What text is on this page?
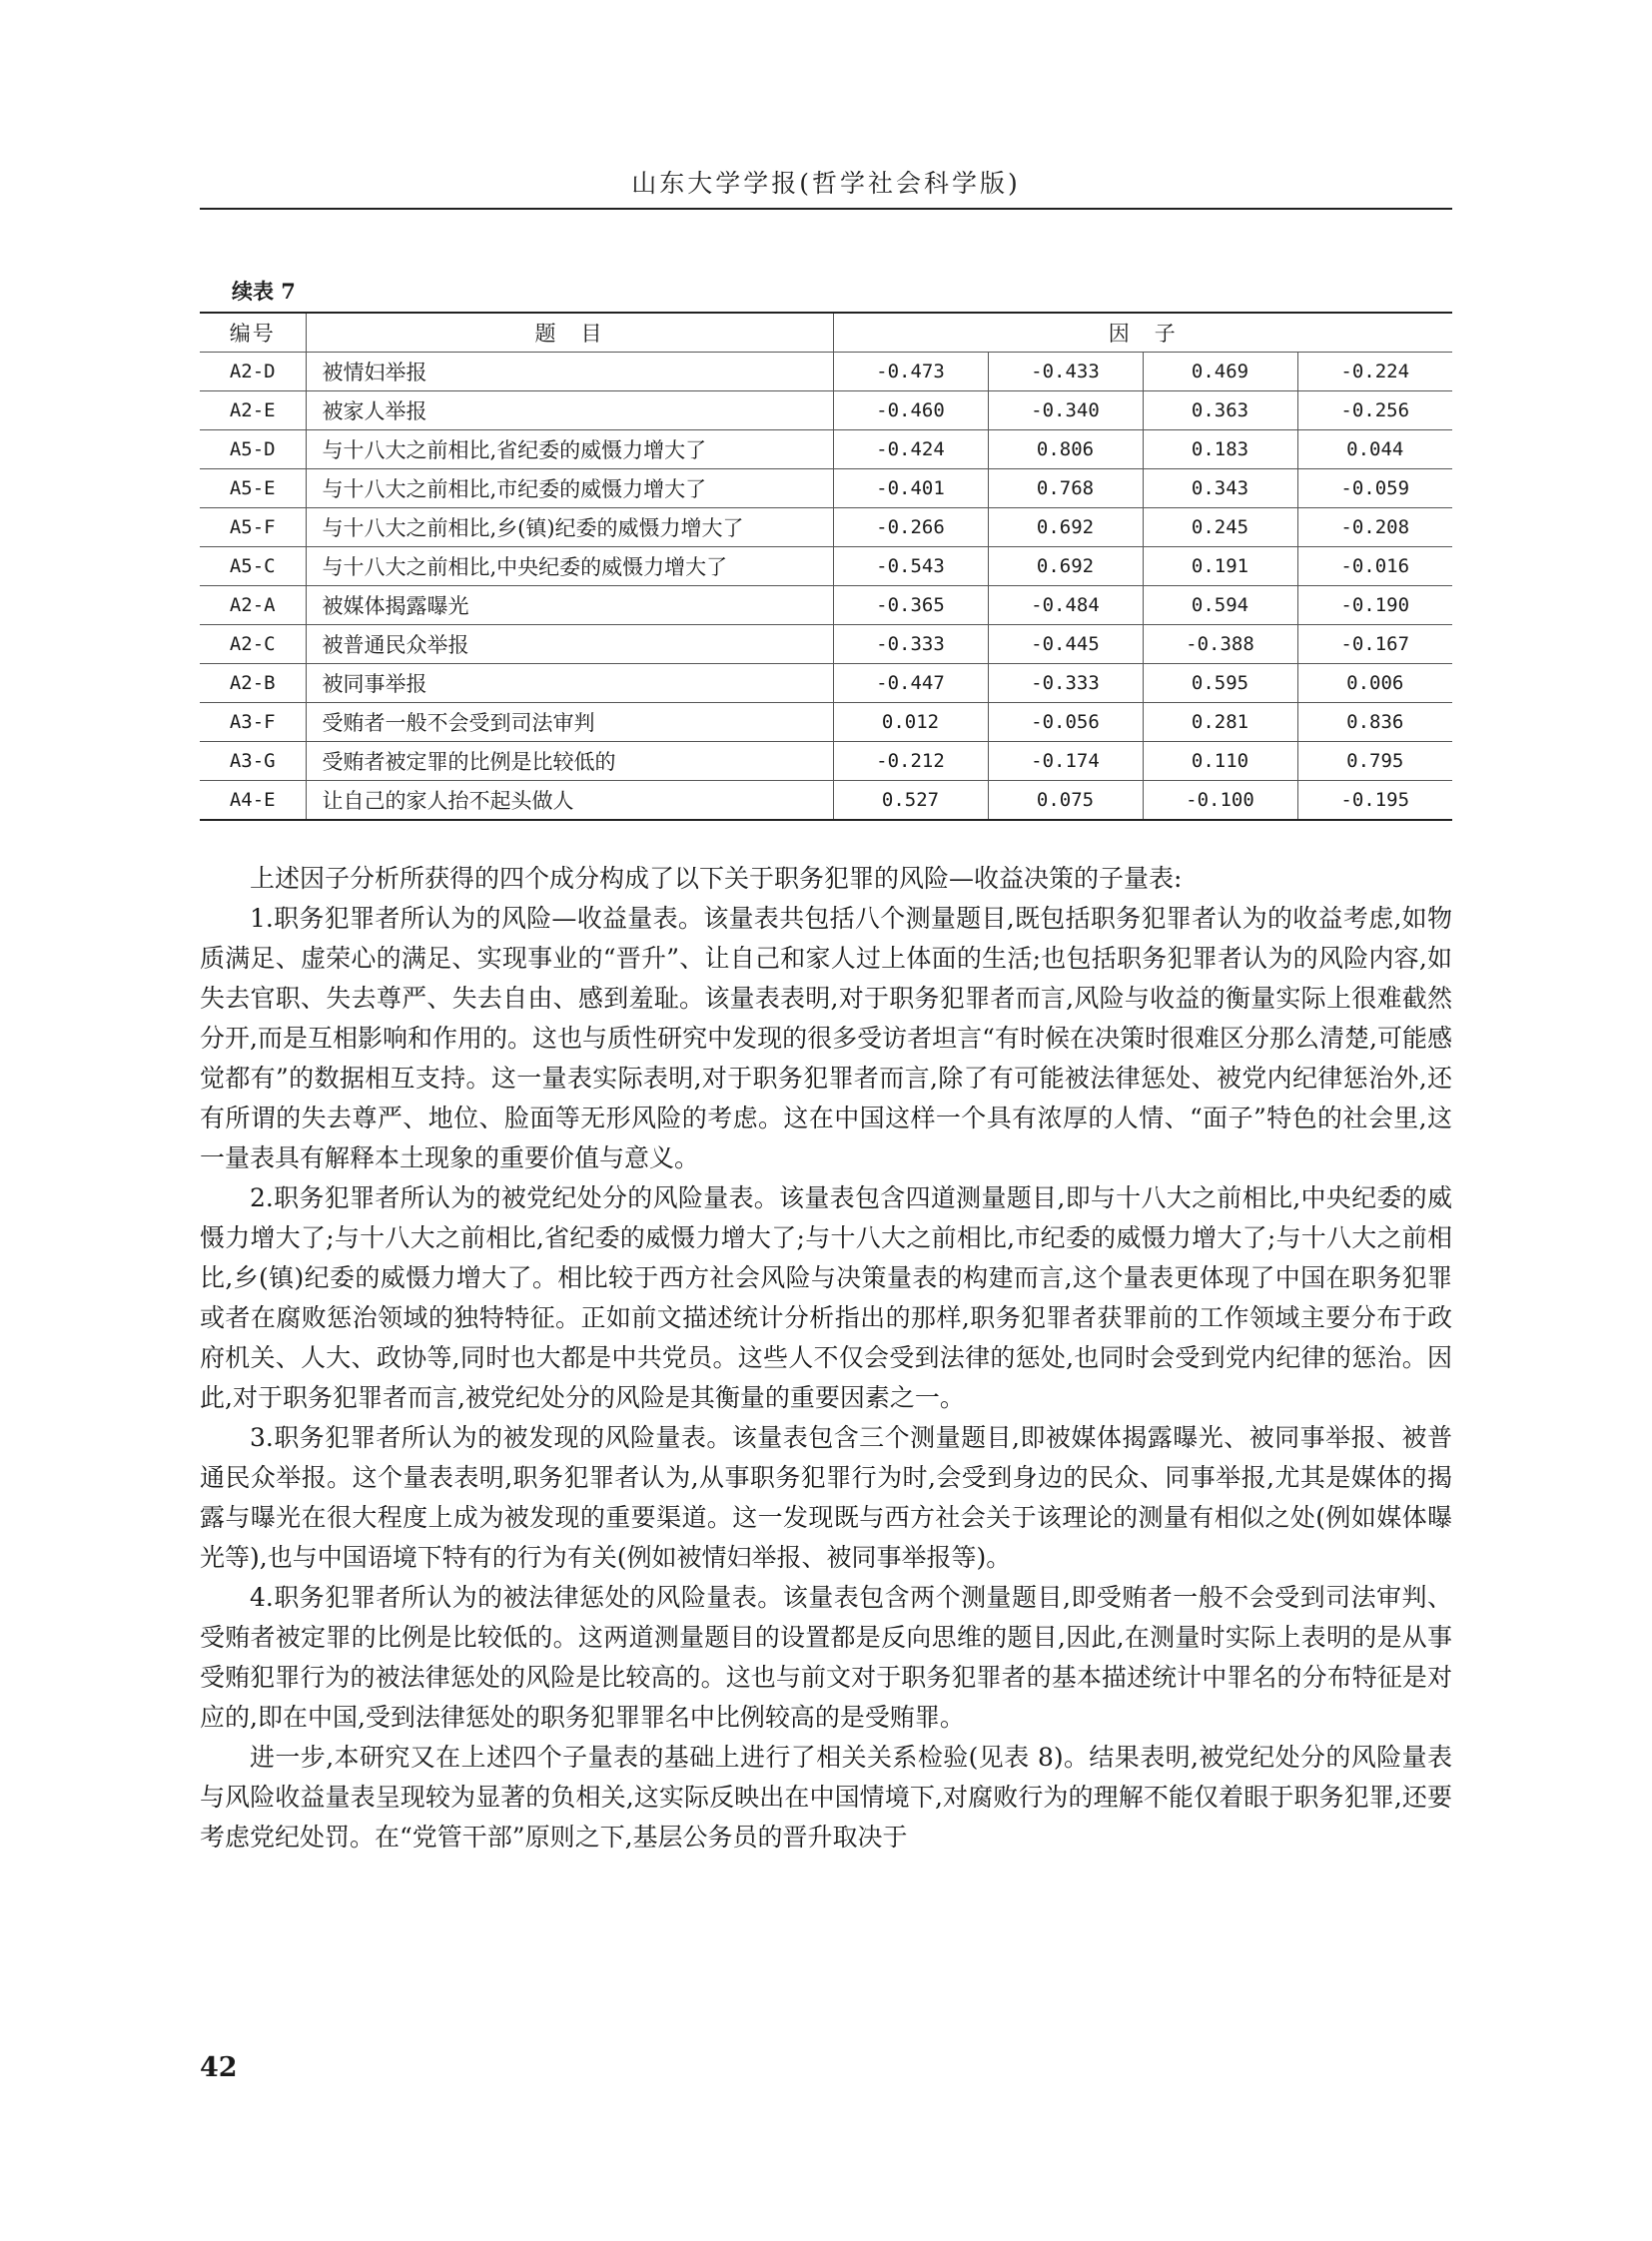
山东大学学报(哲学社会科学版)
续表 7
编号	题　目	因　子			
A2-D	被情妇举报	-0.473	-0.433	0.469	-0.224
A2-E	被家人举报	-0.460	-0.340	0.363	-0.256
A5-D	与十八大之前相比,省纪委的威慑力增大了	-0.424	0.806	0.183	0.044
A5-E	与十八大之前相比,市纪委的威慑力增大了	-0.401	0.768	0.343	-0.059
A5-F	与十八大之前相比,乡(镇)纪委的威慑力增大了	-0.266	0.692	0.245	-0.208
A5-C	与十八大之前相比,中央纪委的威慑力增大了	-0.543	0.692	0.191	-0.016
A2-A	被媒体揭露曝光	-0.365	-0.484	0.594	-0.190
A2-C	被普通民众举报	-0.333	-0.445	-0.388	-0.167
A2-B	被同事举报	-0.447	-0.333	0.595	0.006
A3-F	受贿者一般不会受到司法审判	0.012	-0.056	0.281	0.836
A3-G	受贿者被定罪的比例是比较低的	-0.212	-0.174	0.110	0.795
A4-E	让自己的家人抬不起头做人	0.527	0.075	-0.100	-0.195

上述因子分析所获得的四个成分构成了以下关于职务犯罪的风险—收益决策的子量表:

1.职务犯罪者所认为的风险—收益量表。该量表共包括八个测量题目,既包括职务犯罪者认为的收益考虑,如物质满足、虚荣心的满足、实现事业的“晋升”、让自己和家人过上体面的生活;也包括职务犯罪者认为的风险内容,如失去官职、失去尊严、失去自由、感到羞耻。该量表表明,对于职务犯罪者而言,风险与收益的衡量实际上很难截然分开,而是互相影响和作用的。这也与质性研究中发现的很多受访者坦言“有时候在决策时很难区分那么清楚,可能感觉都有”的数据相互支持。这一量表实际表明,对于职务犯罪者而言,除了有可能被法律惩处、被党内纪律惩治外,还有所谓的失去尊严、地位、脸面等无形风险的考虑。这在中国这样一个具有浓厚的人情、“面子”特色的社会里,这一量表具有解释本土现象的重要价值与意义。

2.职务犯罪者所认为的被党纪处分的风险量表。该量表包含四道测量题目,即与十八大之前相比,中央纪委的威慑力增大了;与十八大之前相比,省纪委的威慑力增大了;与十八大之前相比,市纪委的威慑力增大了;与十八大之前相比,乡(镇)纪委的威慑力增大了。相比较于西方社会风险与决策量表的构建而言,这个量表更体现了中国在职务犯罪或者在腐败惩治领域的独特特征。正如前文描述统计分析指出的那样,职务犯罪者获罪前的工作领域主要分布于政府机关、人大、政协等,同时也大都是中共党员。这些人不仅会受到法律的惩处,也同时会受到党内纪律的惩治。因此,对于职务犯罪者而言,被党纪处分的风险是其衡量的重要因素之一。

3.职务犯罪者所认为的被发现的风险量表。该量表包含三个测量题目,即被媒体揭露曝光、被同事举报、被普通民众举报。这个量表表明,职务犯罪者认为,从事职务犯罪行为时,会受到身边的民众、同事举报,尤其是媒体的揭露与曝光在很大程度上成为被发现的重要渠道。这一发现既与西方社会关于该理论的测量有相似之处(例如媒体曝光等),也与中国语境下特有的行为有关(例如被情妇举报、被同事举报等)。

4.职务犯罪者所认为的被法律惩处的风险量表。该量表包含两个测量题目,即受贿者一般不会受到司法审判、受贿者被定罪的比例是比较低的。这两道测量题目的设置都是反向思维的题目,因此,在测量时实际上表明的是从事受贿犯罪行为的被法律惩处的风险是比较高的。这也与前文对于职务犯罪者的基本描述统计中罪名的分布特征是对应的,即在中国,受到法律惩处的职务犯罪罪名中比例较高的是受贿罪。

进一步,本研究又在上述四个子量表的基础上进行了相关关系检验(见表 8)。结果表明,被党纪处分的风险量表与风险收益量表呈现较为显著的负相关,这实际反映出在中国情境下,对腐败行为的理解不能仅着眼于职务犯罪,还要考虑党纪处罚。在“党管干部”原则之下,基层公务员的晋升取决于

42
